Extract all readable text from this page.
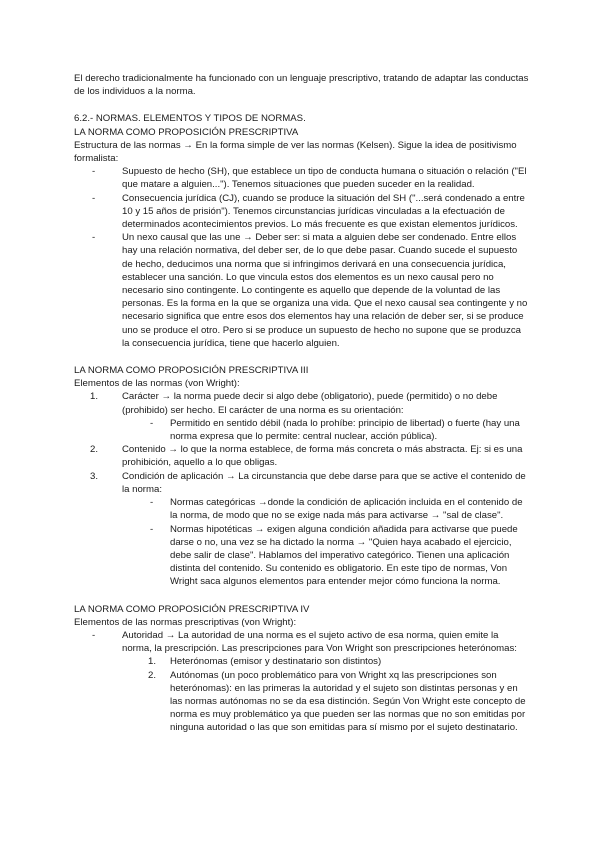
El derecho tradicionalmente ha funcionado con un lenguaje prescriptivo, tratando de adaptar las conductas de los individuos a la norma.

6.2.- NORMAS. ELEMENTOS Y TIPOS DE NORMAS.

LA NORMA COMO PROPOSICIÓN PRESCRIPTIVA

Estructura de las normas → En la forma simple de ver las normas (Kelsen). Sigue la idea de positivismo formalista:

- Supuesto de hecho (SH), que establece un tipo de conducta humana o situación o relación ("El que matare a alguien..."). Tenemos situaciones que pueden suceder en la realidad.
- Consecuencia jurídica (CJ), cuando se produce la situación del SH ("...será condenado a entre 10 y 15 años de prisión"). Tenemos circunstancias jurídicas vinculadas a la efectuación de determinados acontecimientos previos. Lo más frecuente es que existan elementos jurídicos.
- Un nexo causal que las une → Deber ser: si mata a alguien debe ser condenado. Entre ellos hay una relación normativa, del deber ser, de lo que debe pasar. Cuando sucede el supuesto de hecho, deducimos una norma que si infringimos derivará en una consecuencia jurídica, establecer una sanción. Lo que vincula estos dos elementos es un nexo causal pero no necesario sino contingente. Lo contingente es aquello que depende de la voluntad de las personas. Es la forma en la que se organiza una vida. Que el nexo causal sea contingente y no necesario significa que entre esos dos elementos hay una relación de deber ser, si se produce uno se produce el otro. Pero si se produce un supuesto de hecho no supone que se produzca la consecuencia jurídica, tiene que hacerlo alguien.

LA NORMA COMO PROPOSICIÓN PRESCRIPTIVA III

Elementos de las normas (von Wright):

1. Carácter → la norma puede decir si algo debe (obligatorio), puede (permitido) o no debe (prohibido) ser hecho. El carácter de una norma es su orientación:
- Permitido en sentido débil (nada lo prohíbe: principio de libertad) o fuerte (hay una norma expresa que lo permite: central nuclear, acción pública).
2. Contenido → lo que la norma establece, de forma más concreta o más abstracta. Ej: si es una prohibición, aquello a lo que obligas.
3. Condición de aplicación → La circunstancia que debe darse para que se active el contenido de la norma:
- Normas categóricas →donde la condición de aplicación incluida en el contenido de la norma, de modo que no se exige nada más para activarse → "sal de clase".
- Normas hipotéticas → exigen alguna condición añadida para activarse que puede darse o no, una vez se ha dictado la norma → "Quien haya acabado el ejercicio, debe salir de clase". Hablamos del imperativo categórico. Tienen una aplicación distinta del contenido. Su contenido es obligatorio. En este tipo de normas, Von Wright saca algunos elementos para entender mejor cómo funciona la norma.

LA NORMA COMO PROPOSICIÓN PRESCRIPTIVA IV

Elementos de las normas prescriptivas (von Wright):

- Autoridad → La autoridad de una norma es el sujeto activo de esa norma, quien emite la norma, la prescripción. Las prescripciones para Von Wright son prescripciones heterónomas:
1. Heterónomas (emisor y destinatario son distintos)
2. Autónomas (un poco problemático para von Wright xq las prescripciones son heterónomas): en las primeras la autoridad y el sujeto son distintas personas y en las normas autónomas no se da esa distinción. Según Von Wright este concepto de norma es muy problemático ya que pueden ser las normas que no son emitidas por ninguna autoridad o las que son emitidas para sí mismo por el sujeto destinatario.
